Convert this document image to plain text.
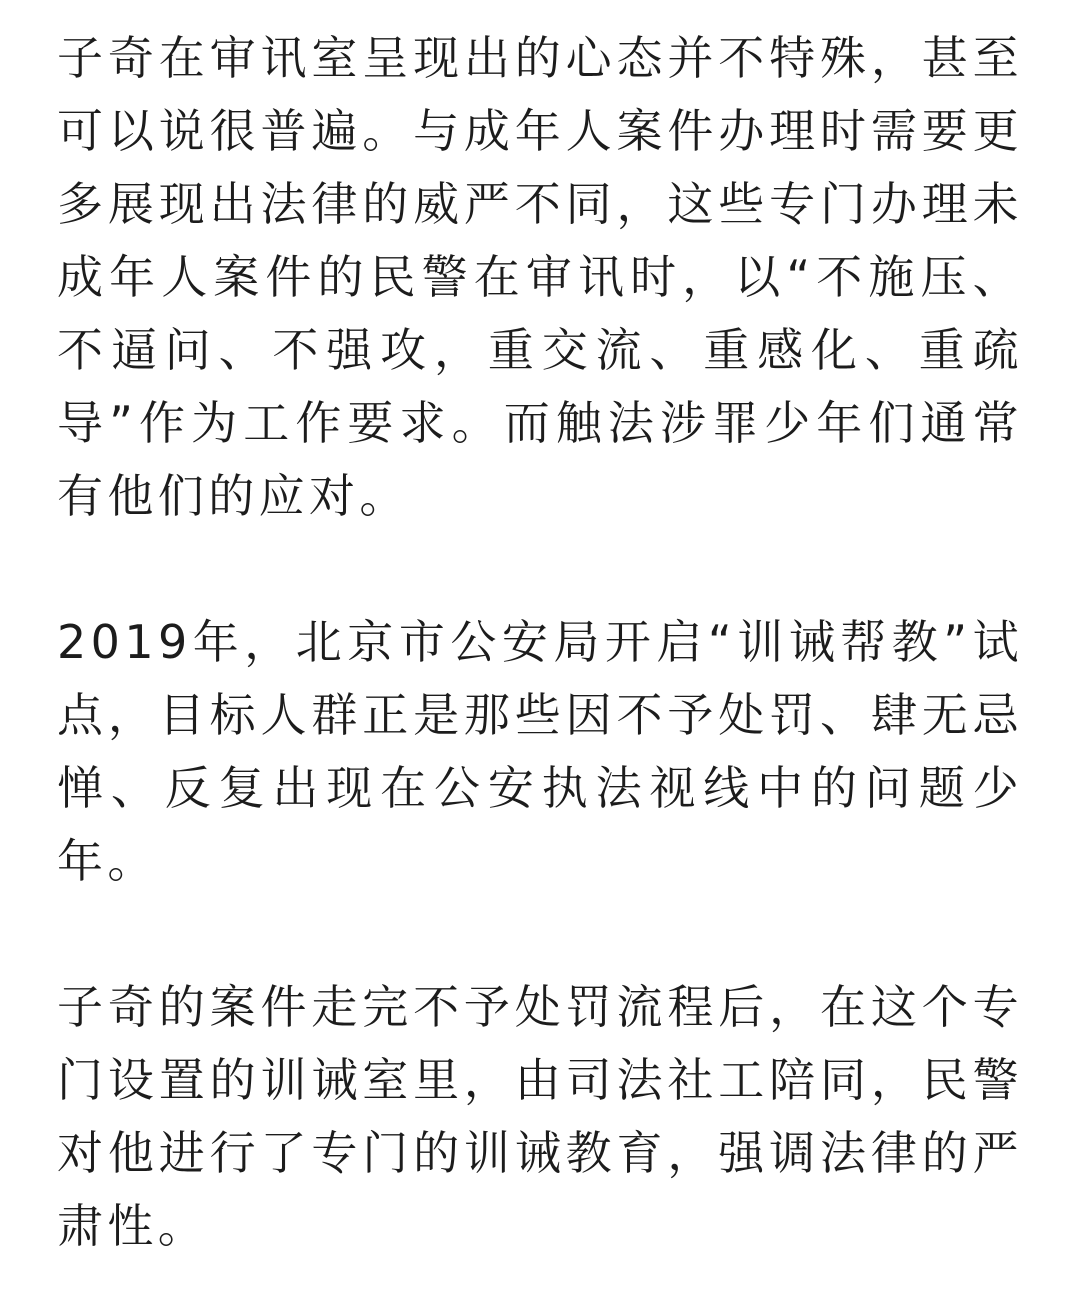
子奇在审讯室呈现出的心态并不特殊，甚至可以说很普遍。与成年人案件办理时需要更多展现出法律的威严不同，这些专门办理未成年人案件的民警在审讯时，以“不施压、不逼问、不强攻，重交流、重感化、重疏导”作为工作要求。而触法涉罪少年们通常有他们的应对。

2019年，北京市公安局开启“训诫帮教”试点，目标人群正是那些因不予处罚、肆无忌惮、反复出现在公安执法视线中的问题少年。

子奇的案件走完不予处罚流程后，在这个专门设置的训诫室里，由司法社工陪同，民警对他进行了专门的训诫教育，强调法律的严肃性。
